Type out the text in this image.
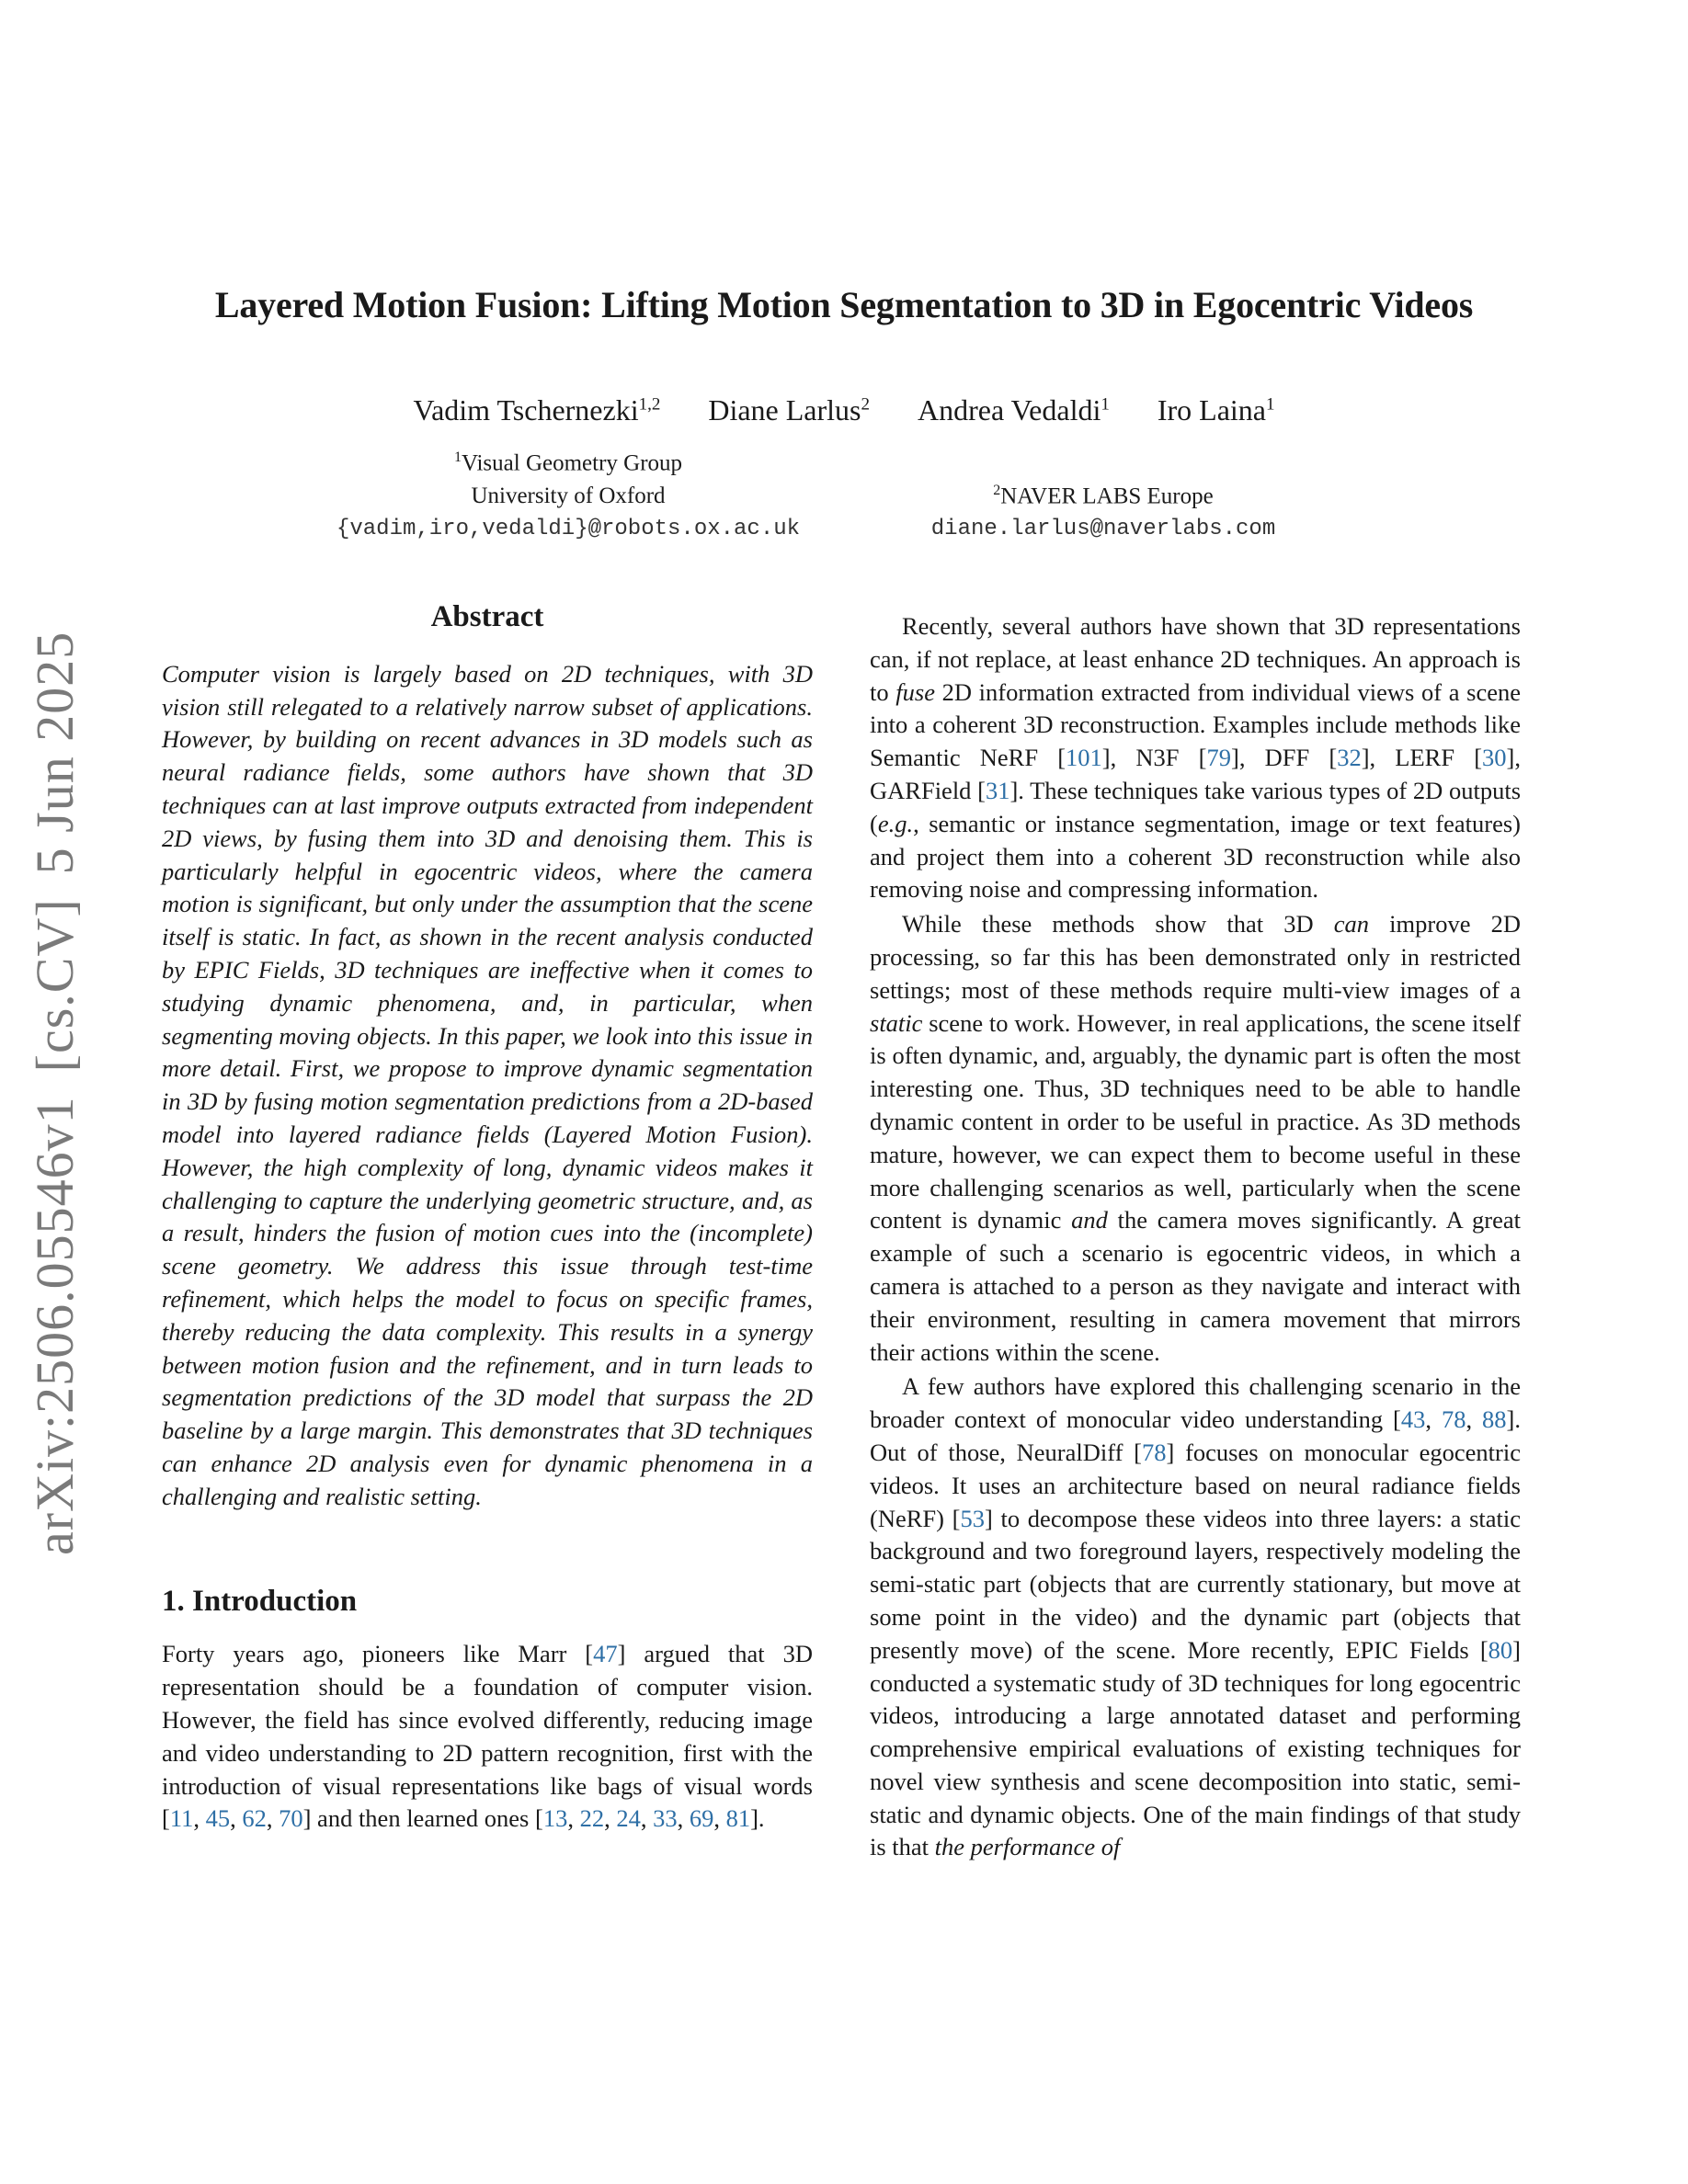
Layered Motion Fusion: Lifting Motion Segmentation to 3D in Egocentric Videos
Vadim Tschernezki$^{1,2}$ Diane Larlus$^2$ Andrea Vedaldi$^1$ Iro Laina$^1$
$^1$Visual Geometry Group
University of Oxford
{vadim,iro,vedaldi}@robots.ox.ac.uk
$^2$NAVER LABS Europe
diane.larlus@naverlabs.com
arXiv:2506.05546v1[cs.CV]5 Jun 2025
Abstract

Computer vision is largely based on 2D techniques, with 3D vision still relegated to a relatively narrow subset of applications. However, by building on recent advances in 3D models such as neural radiance fields, some authors have shown that 3D techniques can at last improve outputs extracted from independent 2D views, by fusing them into 3D and denoising them. This is particularly helpful in egocentric videos, where the camera motion is significant, but only under the assumption that the scene itself is static. In fact, as shown in the recent analysis conducted by EPIC Fields, 3D techniques are ineffective when it comes to studying dynamic phenomena, and, in particular, when segmenting moving objects. In this paper, we look into this issue in more detail. First, we propose to improve dynamic segmentation in 3D by fusing motion segmentation predictions from a 2D-based model into layered radiance fields (Layered Motion Fusion). However, the high complexity of long, dynamic videos makes it challenging to capture the underlying geometric structure, and, as a result, hinders the fusion of motion cues into the (incomplete) scene geometry. We address this issue through test-time refinement, which helps the model to focus on specific frames, thereby reducing the data complexity. This results in a synergy between motion fusion and the refinement, and in turn leads to segmentation predictions of the 3D model that surpass the 2D baseline by a large margin. This demonstrates that 3D techniques can enhance 2D analysis even for dynamic phenomena in a challenging and realistic setting.

1. Introduction

Forty years ago, pioneers like Marr [47] argued that 3D representation should be a foundation of computer vision. However, the field has since evolved differently, reducing image and video understanding to 2D pattern recognition, first with the introduction of visual representations like bags of visual words [11, 45, 62, 70] and then learned ones [13, 22, 24, 33, 69, 81].

Recently, several authors have shown that 3D representations can, if not replace, at least enhance 2D techniques. An approach is to fuse 2D information extracted from individual views of a scene into a coherent 3D reconstruction. Examples include methods like Semantic NeRF [101], N3F [79], DFF [32], LERF [30], GARField [31]. These techniques take various types of 2D outputs (e.g., semantic or instance segmentation, image or text features) and project them into a coherent 3D reconstruction while also removing noise and compressing information.

While these methods show that 3D can improve 2D processing, so far this has been demonstrated only in restricted settings; most of these methods require multi-view images of a static scene to work. However, in real applications, the scene itself is often dynamic, and, arguably, the dynamic part is often the most interesting one. Thus, 3D techniques need to be able to handle dynamic content in order to be useful in practice. As 3D methods mature, however, we can expect them to become useful in these more challenging scenarios as well, particularly when the scene content is dynamic and the camera moves significantly. A great example of such a scenario is egocentric videos, in which a camera is attached to a person as they navigate and interact with their environment, resulting in camera movement that mirrors their actions within the scene.

A few authors have explored this challenging scenario in the broader context of monocular video understanding [43, 78, 88]. Out of those, NeuralDiff [78] focuses on monocular egocentric videos. It uses an architecture based on neural radiance fields (NeRF) [53] to decompose these videos into three layers: a static background and two foreground layers, respectively modeling the semi-static part (objects that are currently stationary, but move at some point in the video) and the dynamic part (objects that presently move) of the scene. More recently, EPIC Fields [80] conducted a systematic study of 3D techniques for long egocentric videos, introducing a large annotated dataset and performing comprehensive empirical evaluations of existing techniques for novel view synthesis and scene decomposition into static, semi-static and dynamic objects. One of the main findings of that study is that the performance of
